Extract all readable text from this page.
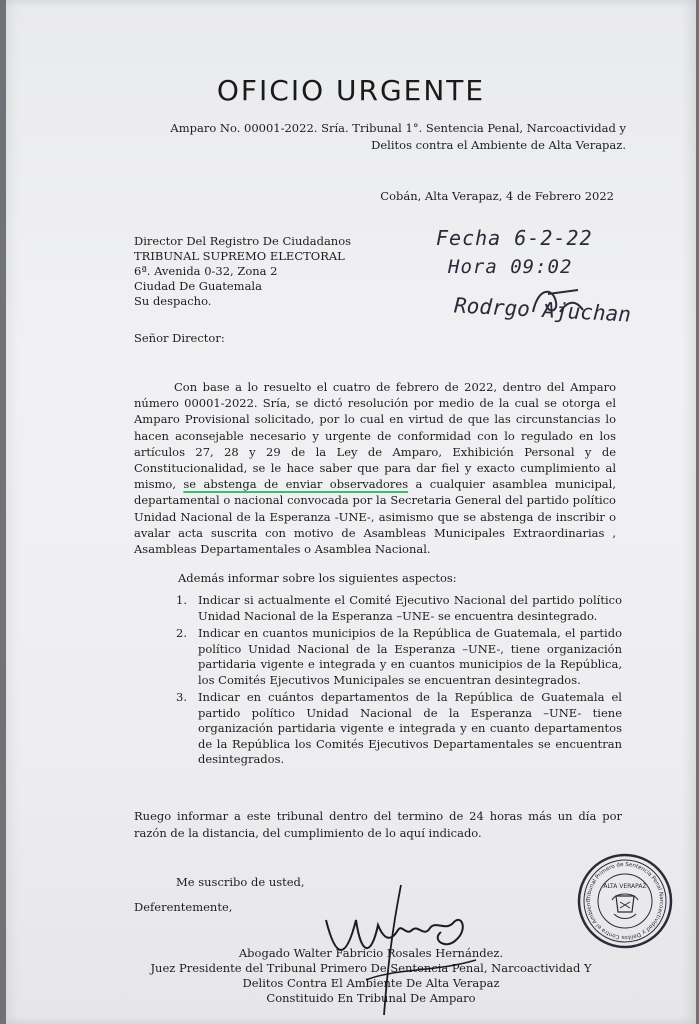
OFICIO URGENTE
Amparo No. 00001-2022. Sría. Tribunal 1°. Sentencia Penal, Narcoactividad y
Delitos contra el Ambiente de Alta Verapaz.
Cobán, Alta Verapaz, 4 de Febrero 2022
Director Del Registro De Ciudadanos
TRIBUNAL SUPREMO ELECTORAL
6ª. Avenida 0-32, Zona 2
Ciudad De Guatemala
Su despacho.
Fecha 6-2-22
Hora 09:02
Rodrgo Ajuchan
Señor Director:
Con base a lo resuelto el cuatro de febrero de 2022, dentro del Amparo número 00001-2022. Sría, se dictó resolución por medio de la cual se otorga el Amparo Provisional solicitado, por lo cual en virtud de que las circunstancias lo hacen aconsejable necesario y urgente de conformidad con lo regulado en los artículos 27, 28 y 29 de la Ley de Amparo, Exhibición Personal y de Constitucionalidad, se le hace saber que para dar fiel y exacto cumplimiento al mismo, se abstenga de enviar observadores a cualquier asamblea municipal, departamental o nacional convocada por la Secretaria General del partido político Unidad Nacional de la Esperanza -UNE-, asimismo que se abstenga de inscribir o avalar acta suscrita con motivo de Asambleas Municipales Extraordinarias , Asambleas Departamentales o Asamblea Nacional.
Además informar sobre los siguientes aspectos:
1. Indicar si actualmente el Comité Ejecutivo Nacional del partido político Unidad Nacional de la Esperanza –UNE- se encuentra desintegrado.
2. Indicar en cuantos municipios de la República de Guatemala, el partido político Unidad Nacional de la Esperanza –UNE-, tiene organización partidaria vigente e integrada y en cuantos municipios de la República, los Comités Ejecutivos Municipales se encuentran desintegrados.
3. Indicar en cuántos departamentos de la República de Guatemala el partido político Unidad Nacional de la Esperanza –UNE- tiene organización partidaria vigente e integrada y en cuanto departamentos de la República los Comités Ejecutivos Departamentales se encuentran desintegrados.
Ruego informar a este tribunal dentro del termino de 24 horas más un día por razón de la distancia, del cumplimiento de lo aquí indicado.
Me suscribo de usted,
Deferentemente,
Abogado Walter Fabricio Rosales Hernández.
Juez Presidente del Tribunal Primero De Sentencia Penal, Narcoactividad Y
Delitos Contra El Ambiente De Alta Verapaz
Constituido En Tribunal De Amparo
Tribunal Primero de Sentencia Penal Narcoactividad y Delitos Contra el Ambient
ALTA VERAPAZ
